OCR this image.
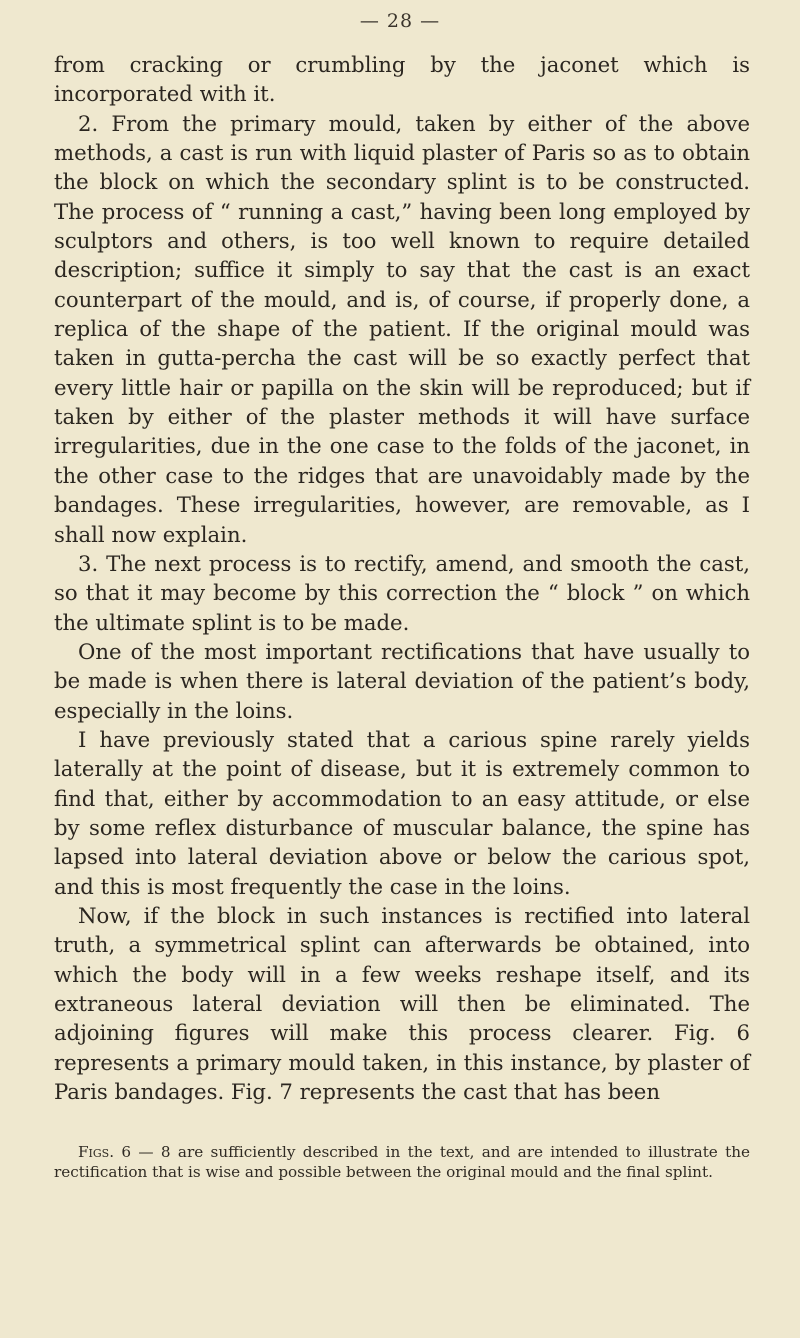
— 28 —

from cracking or crumbling by the jaconet which is incorporated with it.

2. From the primary mould, taken by either of the above methods, a cast is run with liquid plaster of Paris so as to obtain the block on which the secondary splint is to be constructed. The process of “ running a cast,” having been long employed by sculptors and others, is too well known to require detailed description; suffice it simply to say that the cast is an exact counterpart of the mould, and is, of course, if properly done, a replica of the shape of the patient. If the original mould was taken in gutta-percha the cast will be so exactly perfect that every little hair or papilla on the skin will be reproduced; but if taken by either of the plaster methods it will have surface irregularities, due in the one case to the folds of the jaconet, in the other case to the ridges that are unavoidably made by the bandages. These irregularities, however, are removable, as I shall now explain.

3. The next process is to rectify, amend, and smooth the cast, so that it may become by this correction the “ block ” on which the ultimate splint is to be made.

One of the most important rectifications that have usually to be made is when there is lateral deviation of the patient’s body, especially in the loins.

I have previously stated that a carious spine rarely yields laterally at the point of disease, but it is extremely common to find that, either by accommodation to an easy attitude, or else by some reflex disturbance of muscular balance, the spine has lapsed into lateral deviation above or below the carious spot, and this is most frequently the case in the loins.

Now, if the block in such instances is rectified into lateral truth, a symmetrical splint can afterwards be obtained, into which the body will in a few weeks reshape itself, and its extraneous lateral deviation will then be eliminated. The adjoining figures will make this process clearer. Fig. 6 represents a primary mould taken, in this instance, by plaster of Paris bandages. Fig. 7 represents the cast that has been

Figs. 6 — 8 are sufficiently described in the text, and are intended to illustrate the rectification that is wise and possible between the original mould and the final splint.
